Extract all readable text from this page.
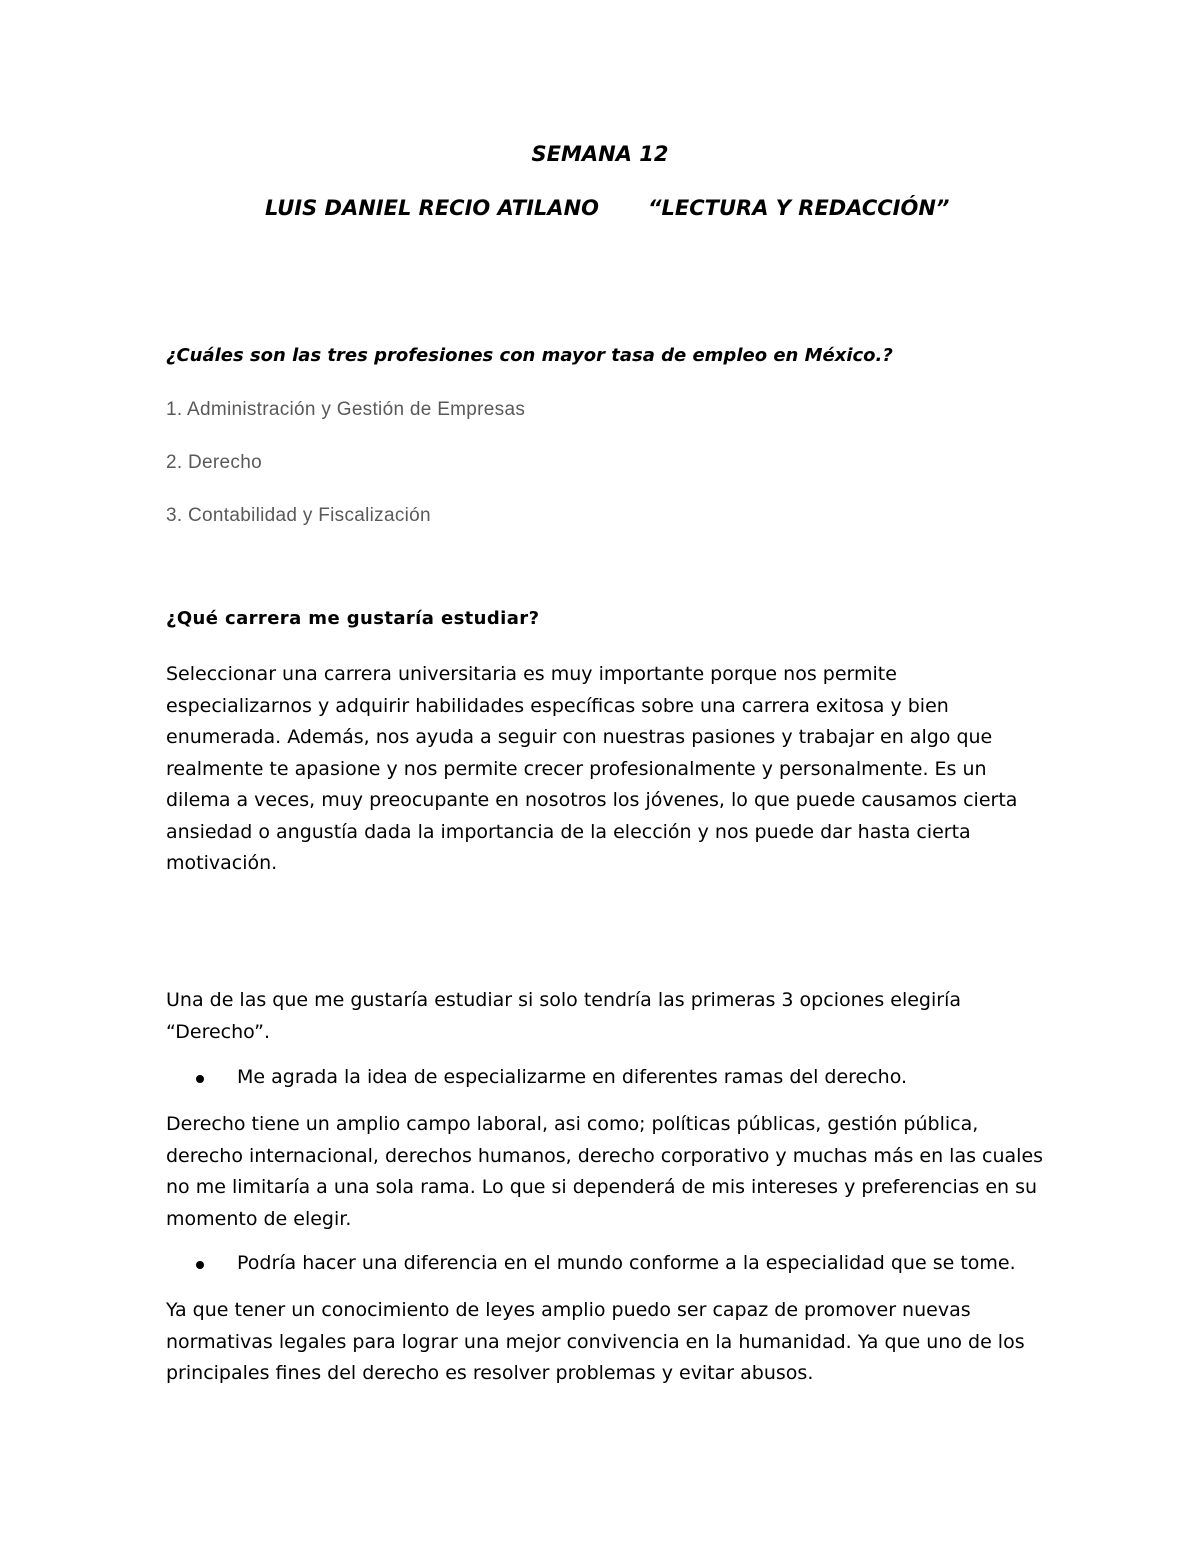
SEMANA 12
LUIS DANIEL RECIO ATILANO “LECTURA Y REDACCIÓN”
¿Cuáles son las tres profesiones con mayor tasa de empleo en México.?
1. Administración y Gestión de Empresas
2. Derecho
3. Contabilidad y Fiscalización
¿Qué carrera me gustaría estudiar?

Seleccionar una carrera universitaria es muy importante porque nos permite especializarnos y adquirir habilidades específicas sobre una carrera exitosa y bien enumerada. Además, nos ayuda a seguir con nuestras pasiones y trabajar en algo que realmente te apasione y nos permite crecer profesionalmente y personalmente. Es un dilema a veces, muy preocupante en nosotros los jóvenes, lo que puede causamos cierta ansiedad o angustía dada la importancia de la elección y nos puede dar hasta cierta motivación.

Una de las que me gustaría estudiar si solo tendría las primeras 3 opciones elegiría “Derecho”.

Me agrada la idea de especializarme en diferentes ramas del derecho.

Derecho tiene un amplio campo laboral, asi como; políticas públicas, gestión pública, derecho internacional, derechos humanos, derecho corporativo y muchas más en las cuales no me limitaría a una sola rama. Lo que si dependerá de mis intereses y preferencias en su momento de elegir.

Podría hacer una diferencia en el mundo conforme a la especialidad que se tome.

Ya que tener un conocimiento de leyes amplio puedo ser capaz de promover nuevas normativas legales para lograr una mejor convivencia en la humanidad. Ya que uno de los principales fines del derecho es resolver problemas y evitar abusos.
